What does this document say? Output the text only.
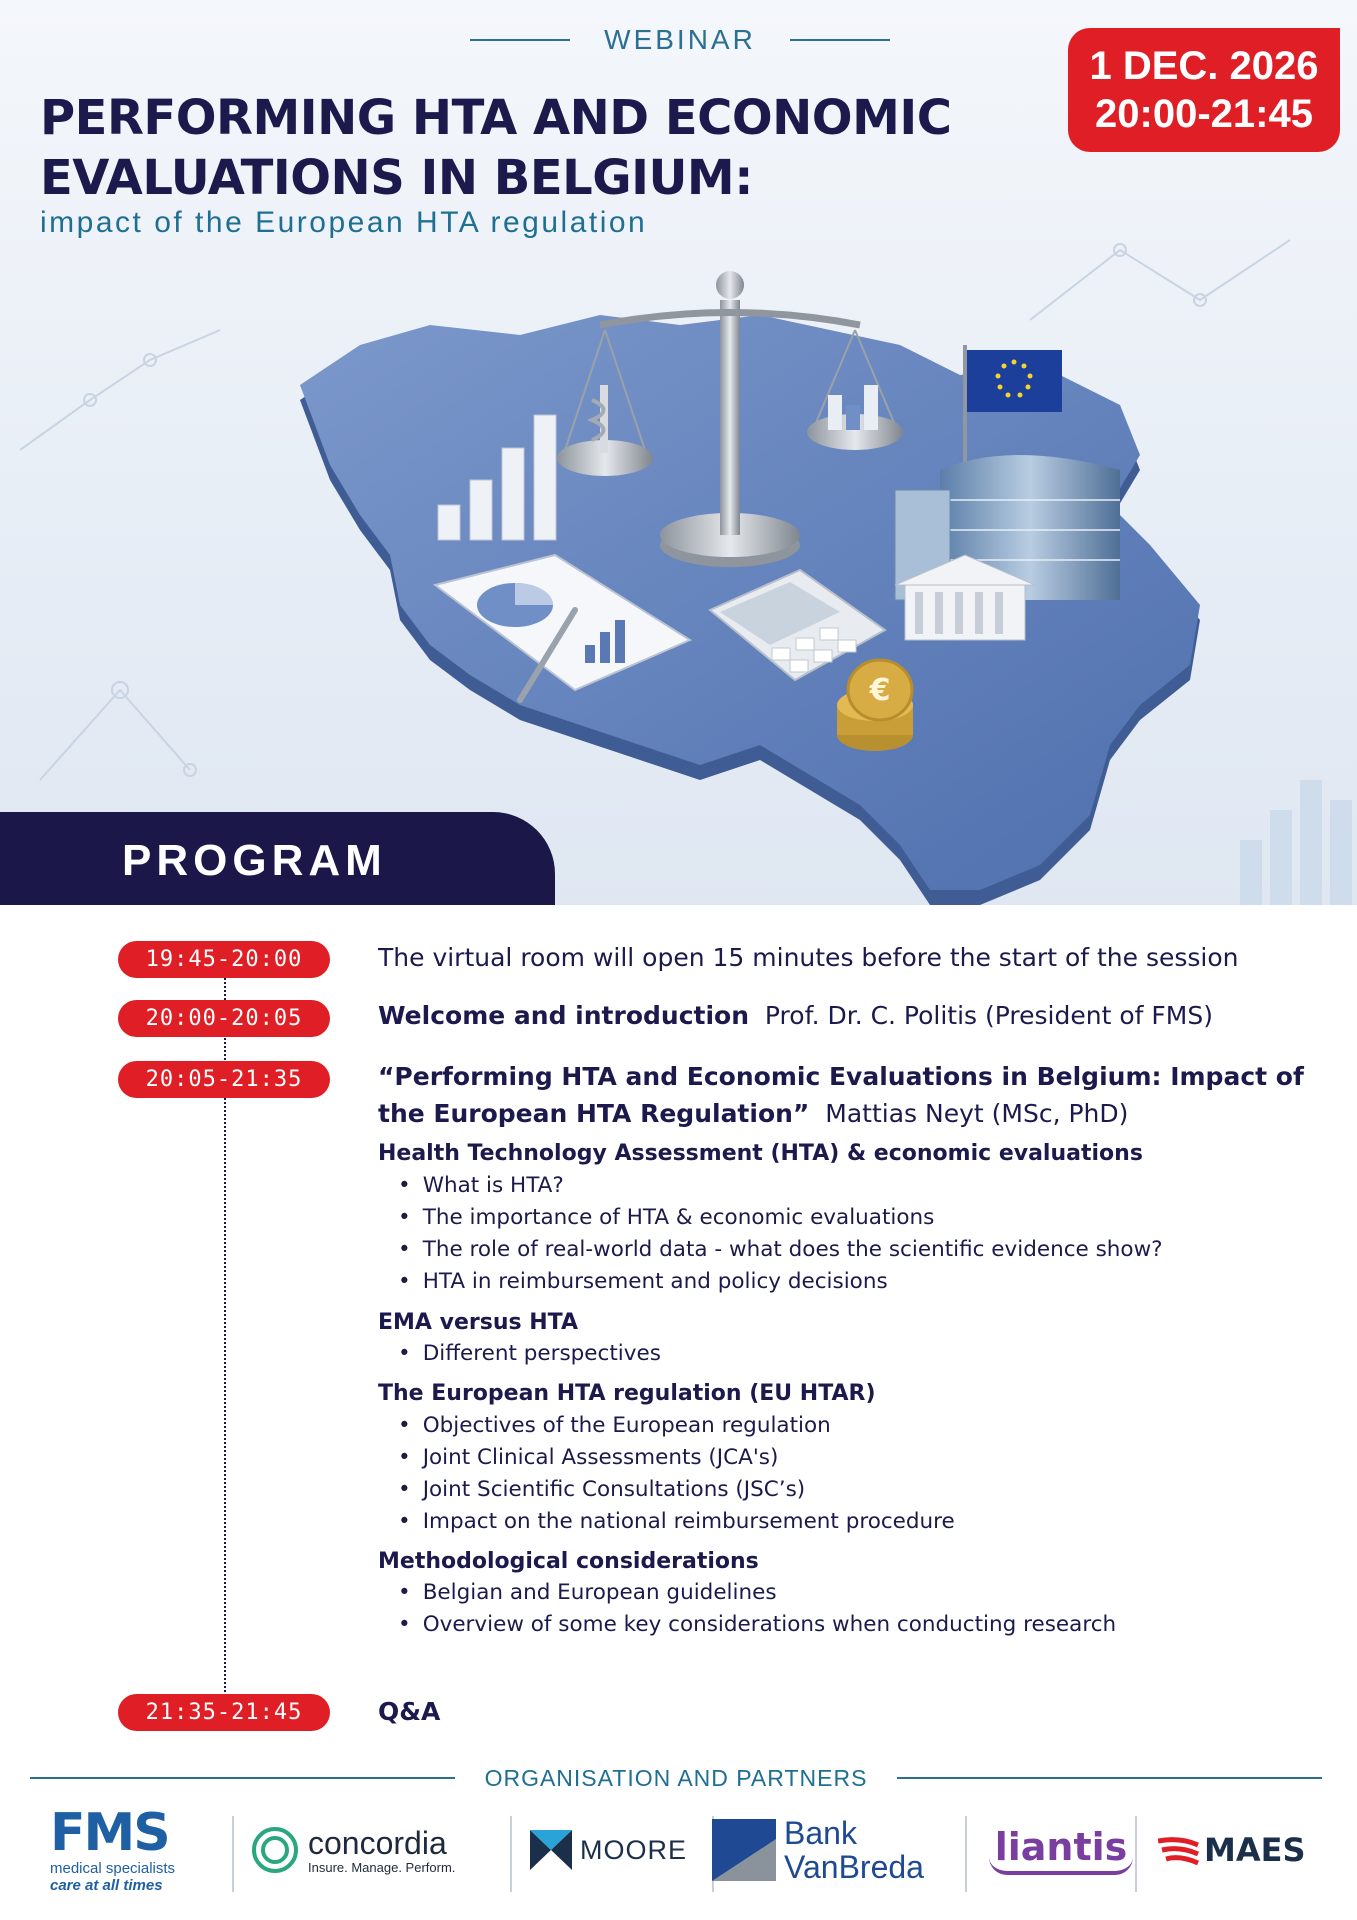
€
WEBINAR
1 DEC. 2026
20:00-21:45
PERFORMING HTA AND ECONOMIC
EVALUATIONS IN BELGIUM:
impact of the European HTA regulation
PROGRAM
19:45-20:00	The virtual room will open 15 minutes before the start of the session
20:00-20:05	Welcome and introduction Prof. Dr. C. Politis (President of FMS)
20:05-21:35	“Performing HTA and Economic Evaluations in Belgium: Impact of the European HTA Regulation” Mattias Neyt (MSc, PhD)
Health Technology Assessment (HTA) & economic evaluations
• What is HTA?
• The importance of HTA & economic evaluations
• The role of real-world data - what does the scientific evidence show?
• HTA in reimbursement and policy decisions
EMA versus HTA
• Different perspectives
The European HTA regulation (EU HTAR)
• Objectives of the European regulation
• Joint Clinical Assessments (JCA's)
• Joint Scientific Consultations (JSC’s)
• Impact on the national reimbursement procedure
Methodological considerations
• Belgian and European guidelines
• Overview of some key considerations when conducting research
21:35-21:45	Q&A
ORGANISATION AND PARTNERS
FMS
medical specialists
care at all times
concordia
Insure. Manage. Perform.
MOORE	Bank
VanBreda liantis MAES
